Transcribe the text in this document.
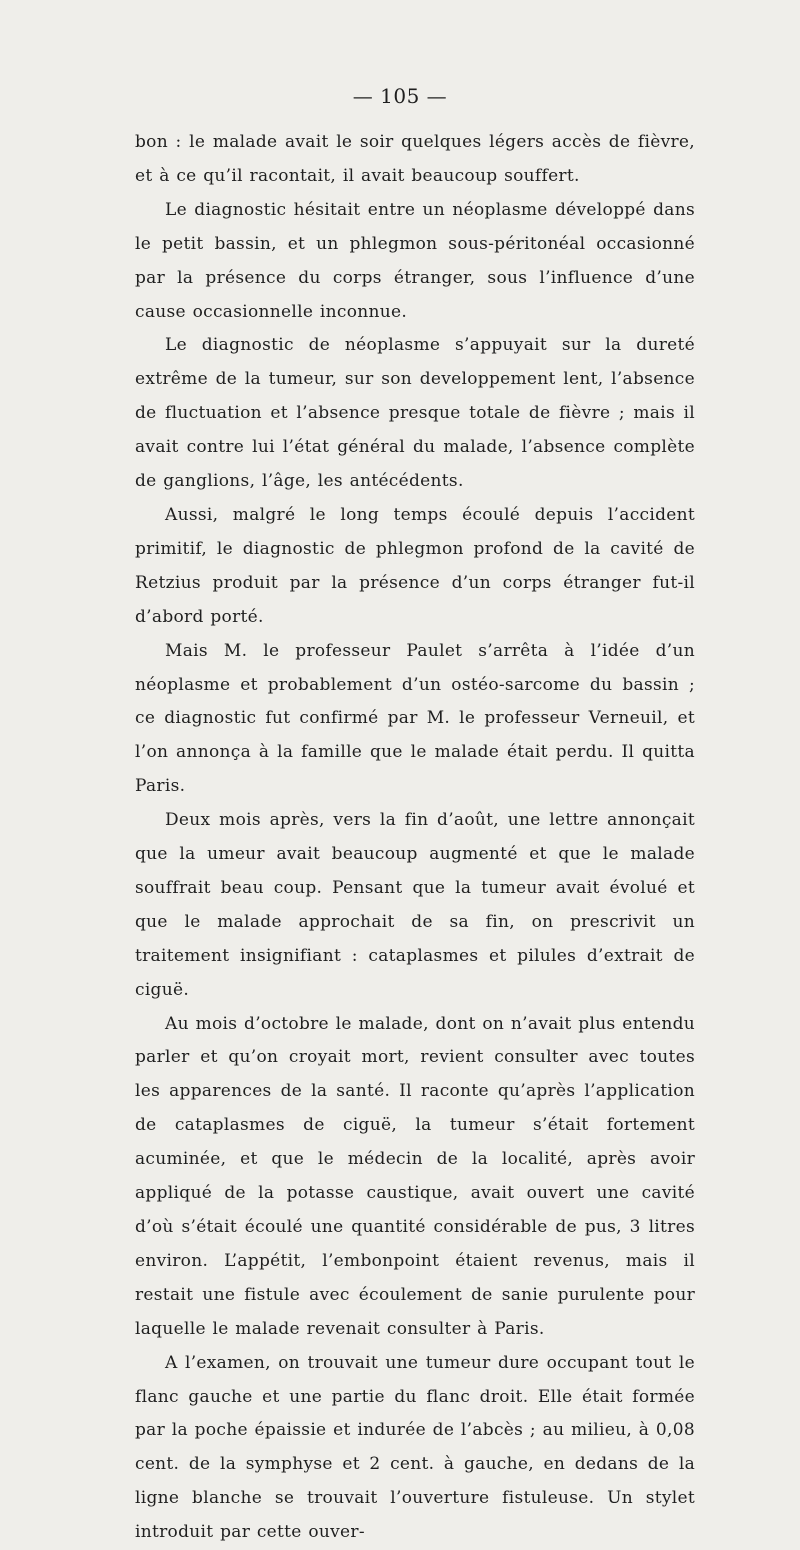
— 105 —

bon : le malade avait le soir quelques légers accès de fièvre, et à ce qu’il racontait, il avait beaucoup souffert.

Le diagnostic hésitait entre un néoplasme développé dans le petit bassin, et un phlegmon sous-péritonéal occasionné par la présence du corps étranger, sous l’influence d’une cause occasionnelle inconnue.

Le diagnostic de néoplasme s’appuyait sur la dureté extrême de la tumeur, sur son developpement lent, l’absence de fluctuation et l’absence presque totale de fièvre ; mais il avait contre lui l’état général du malade, l’absence complète de ganglions, l’âge, les antécédents.

Aussi, malgré le long temps écoulé depuis l’accident primitif, le diagnostic de phlegmon profond de la cavité de Retzius produit par la présence d’un corps étranger fut-il d’abord porté.

Mais M. le professeur Paulet s’arrêta à l’idée d’un néoplasme et probablement d’un ostéo-sarcome du bassin ; ce diagnostic fut confirmé par M. le professeur Verneuil, et l’on annonça à la famille que le malade était perdu. Il quitta Paris.

Deux mois après, vers la fin d’août, une lettre annonçait que la umeur avait beaucoup augmenté et que le malade souffrait beau coup. Pensant que la tumeur avait évolué et que le malade approchait de sa fin, on prescrivit un traitement insignifiant : cataplasmes et pilules d’extrait de ciguë.

Au mois d’octobre le malade, dont on n’avait plus entendu parler et qu’on croyait mort, revient consulter avec toutes les apparences de la santé. Il raconte qu’après l’application de cataplasmes de ciguë, la tumeur s’était fortement acuminée, et que le médecin de la localité, après avoir appliqué de la potasse caustique, avait ouvert une cavité d’où s’était écoulé une quantité considérable de pus, 3 litres environ. L’appétit, l’embonpoint étaient revenus, mais il restait une fistule avec écoulement de sanie purulente pour laquelle le malade revenait consulter à Paris.

A l’examen, on trouvait une tumeur dure occupant tout le flanc gauche et une partie du flanc droit. Elle était formée par la poche épaissie et indurée de l’abcès ; au milieu, à 0,08 cent. de la symphyse et 2 cent. à gauche, en dedans de la ligne blanche se trouvait l’ouverture fistuleuse. Un stylet introduit par cette ouver-
